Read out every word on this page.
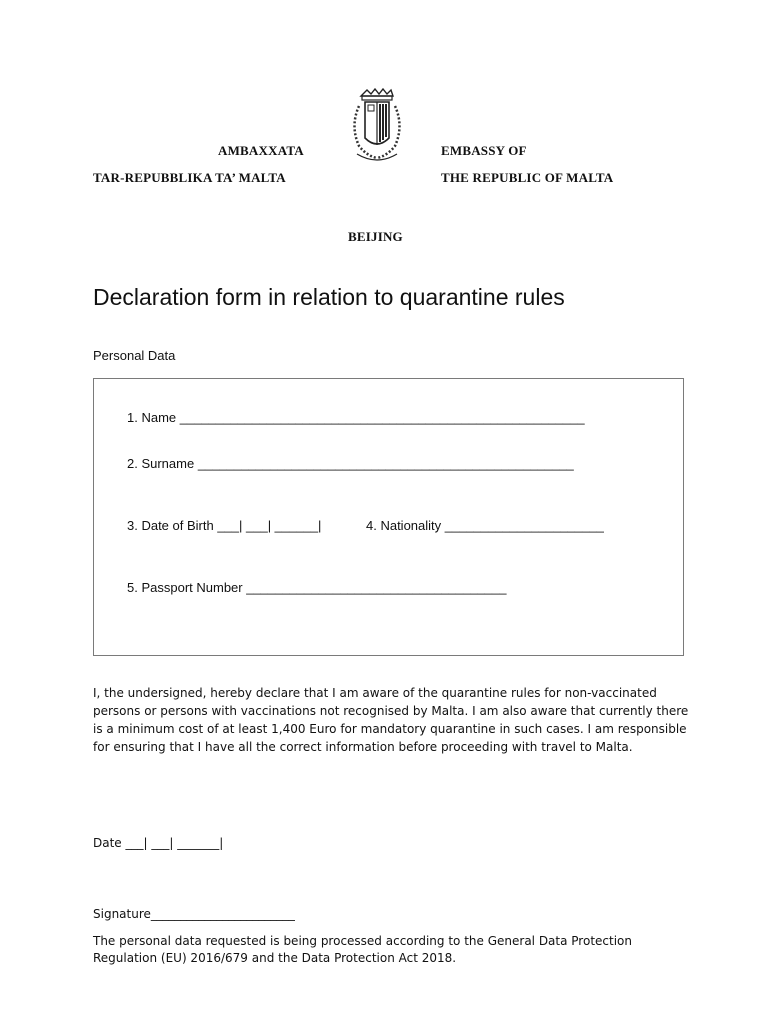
AMBAXXATA
TAR-REPUBBLIKA TA’ MALTA
EMBASSY OF
THE REPUBLIC OF MALTA
BEIJING
Declaration form in relation to quarantine rules
Personal Data
1. Name ________________________________________________________
2. Surname ____________________________________________________
3. Date of Birth ___| ___| ______|	4. Nationality ______________________
5. Passport Number ____________________________________
I, the undersigned, hereby declare that I am aware of the quarantine rules for non-vaccinated persons or persons with vaccinations not recognised by Malta. I am also aware that currently there is a minimum cost of at least 1,400 Euro for mandatory quarantine in such cases. I am responsible for ensuring that I have all the correct information before proceeding with travel to Malta.
Date ___| ___| _______|
Signature________________________
The personal data requested is being processed according to the General Data Protection Regulation (EU) 2016/679 and the Data Protection Act 2018.
